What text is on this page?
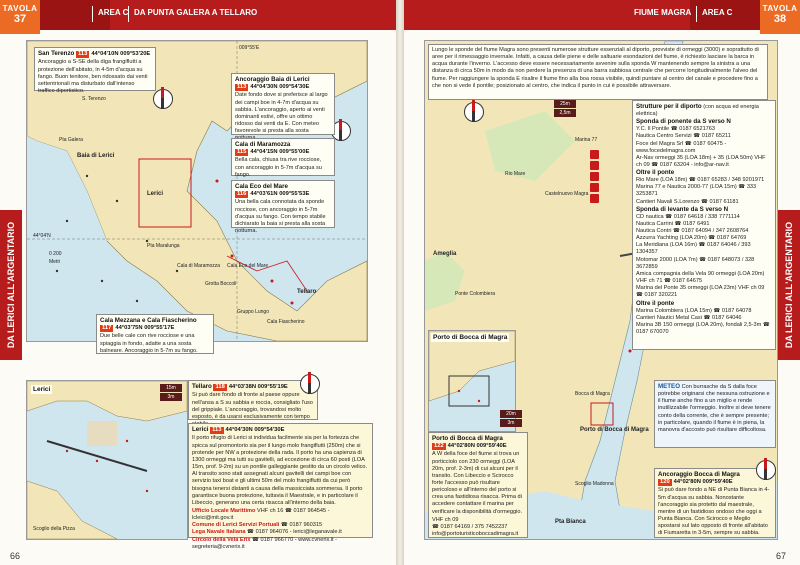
TAVOLA
37
AREA C DA PUNTA GALERA A TELLARO
DA LERICI ALL'ARGENTARIO
S. Terenzo
Baia di Lerici
Lerici
Pta Galera
Cala di Maramozza
Grotta Boccoli
Cala Eco del Mare
Cala Fiascherino
Tellaro
Gruppo Lungo
Pta Maralunga
0 200
Metri
44°04'N
009°55'E
San Terenzo 113 44°04'10N 009°53'20E

Ancoraggio a S-SE della diga frangiflutti a protezione dell'abitato, in 4-5m d'acqua su fango. Buon tenitore, ben ridossato dai venti settentrionali ma disturbato dall'intenso traffico diportistico.

Ancoraggio Baia di Lerici
113 44°04'30N 009°54'30E

Date fondo dove si preferisce al largo dei campi boe in 4-7m d'acqua su sabbia. L'ancoraggio, aperto ai venti dominanti estivi, offre un ottimo ridosso dai venti da E. Con meteo favorevole si presta alla sosta

Cala di Maramozza
115 44°04'15N 009°55'00E

Bella cala, chiusa tra rive rocciose, con ancoraggio in 5-7m d'acqua su fango.

Cala Eco del Mare
116 44°03'61N 009°55'53E

Una bella cala connotata da sponde rocciose, con ancoraggio in 5-7m d'acqua su fango. Con tempo stabile dichiarato la baia si presta alla sosta notturna.

Cala Mezzana e Cala Fiascherino
117 44°03'75N 009°55'17E

Due belle cale con rive rocciose e una spiaggia in fondo, adatte a una sosta balneare. Ancoraggio in 5-7m su fango.

Lerici
Scoglio della Pizza
15m
3m
Tellaro 118 44°03'38N 009°55'19E

Si può dare fondo di fronte al paese oppure nell'ansa a S su sabbia e roccia, consigliato l'uso del grippiale. L'ancoraggio, trovandosi molto esposto, è da usarsi esclusivamente con tempo

Lerici 113 44°04'30N 009°54'30E

Il porto rifugio di Lerici si individua facilmente sia per la fortezza che spicca sul promontorio sia per il lungo molo frangiflutti (250m) che si protende per NW a protezione della rada. Il porto ha una capienza di 1300 ormeggi ma tutti su gavitelli, ad eccezione di circa 60 posti (LOA 15m, prof. 9-2m) su un pontile galleggiante gestito da un circolo velico. Al transito sono stati assegnati alcuni gavitelli dei campi boe con servizio taxi boat e gli ultimi 50m del molo frangiflutti da cui però bisogna tenersi distanti a causa della massicciata sommersa. Il porto garantisce buona protezione, tuttavia il Maestrale, e in particolare il Libeccio, generano una certa risacca all'interno della baia.

Ufficio Locale Marittimo VHF ch 16 ☎ 0187 964545 - lcleici@mit.gov.it

Comune di Lerici Servizi Portuali ☎ 0187 960315

Lega Navale Italiana ☎ 0187 964076 - lerici@leganavale.it

Circolo della Vela Erix ☎ 0187 966770 - www.cvnerix.it - segreteria@cvnerix.it

66
FIUME MAGRA AREA C	TAVOLA
38
DA LERICI ALL'ARGENTARIO
Ameglia
Ponte Colombiera
Castelnuovo Magra
Rio Mare
Marina 77
Bocca di Magra
Porto di Bocca di Magra
Pta Bianca
Scoglio Madonna

Lungo le sponde del fiume Magra sono presenti numerose strutture essenziali al diporto, provviste di ormeggi (3000) e soprattutto di aree per il rimessaggio invernale. Infatti, a causa delle piene e delle saltuarie esondazioni del fiume, è richiesto lasciare la barca in acqua durante l'inverno. L'accesso deve essere necessariamente avvenire sulla sponda W mantenendo sempre la sinistra a una distanza di circa 50m in modo da non perdere la presenza di una barra sabbiosa centrale che percorre longitudinalmente l'alveo del fiume. Per raggiungere la sponda E risalire il fiume fino alla boa rossa visibile, quindi puntare al centro del canale e procedere fino a che non si vede il pontile; posizionato al centro, che indica il punto in cui è possibile attraversare.

25m
2,5m
Strutture per il diporto (con acqua ed energia elettrica)
Sponda di ponente da S verso N
Y.C. Il Pontile ☎ 0187 6521763
Nautica Centro Servizi ☎ 0187 65211
Foce del Magra Srl ☎ 0187 60475 - www.focedelmagra.com
Ar-Nav ormeggi 35 (LOA 18m) + 35 (LOA 50m) VHF ch 09 ☎ 0187 63204 - info@ar-nav.it
Oltre il ponte
Rio Mare (LOA 18m) ☎ 0187 65283 / 348 9201971
Marina 77 e Nautica 2000-77 (LOA 15m) ☎ 333 3253871
Cantieri Navali S.Lorenzo ☎ 0187 61181
Sponda di levante da S verso N
CD nautica ☎ 0187 64618 / 338 7771114
Nautica Carrini ☎ 0187 6491
Nautica Contri ☎ 0187 64094 / 347 2608764
Azzurra Yachting (LOA 20m) ☎ 0187 64769
La Meridiana (LOA 16m) ☎ 0187 64046 / 393 1304357
Motomar 2000 (LOA 7m) ☎ 0187 648073 / 328 3672859
Amica compagnia della Vela 90 ormeggi (LOA 20m) VHF ch 71 ☎ 0187 64675
Marina del Ponte 35 ormeggi (LOA 23m) VHF ch 09 ☎ 0187 320221
Oltre il ponte
Marina Colombiera (LOA 15m) ☎ 0187 64078
Cantieri Nautici Metal Casi ☎ 0187 64046
Marina 3B 150 ormeggi (LOA 20m), fondali 2,5-3m ☎ 0187 670070
Porto di Bocca di Magra
20m
3m
Porto di Bocca di Magra
122 44°02'80N 009°59'40E

A W della foce del fiume si trova un porticciolo con 230 ormeggi (LOA 20m, prof. 2-3m) di cui alcuni per il transito. Con Libeccio e Scirocco forte l'accesso può risultare pericoloso e all'interno del porto si crea una fastidiosa risacca. Prima di accedere contattare il marina per verificare la disponibilità d'ormeggio.

VHF ch 09
☎ 0187 64169 / 375 7452237
info@portoturisticoboccadimagra.it
METEO Con burrasche da S dalla foce potrebbe originarsi che nessuna ostruzione e il fiume anche fino a un miglio e rende inutilizzabile l'ormeggio. Inoltre si deve tenere conto della corrente, che è sempre presente; in particolare, quando il fiume è in piena, la manovra d'accosto può risultare difficoltosa.
Ancoraggio Bocca di Magra
120 44°02'80N 009°59'40E

Si può dare fondo a NE di Punta Bianca in 4-5m d'acqua su sabbia. Nonostante l'ancoraggio sia protetto dal maestrale, mentre di un fastidioso ondoso che oggi a Punta Bianca. Con Scirocco e Meglio spostarsi sul lato opposto di fronte all'abitato di Fiumaretta in 3-5m, sempre su sabbia.

67
